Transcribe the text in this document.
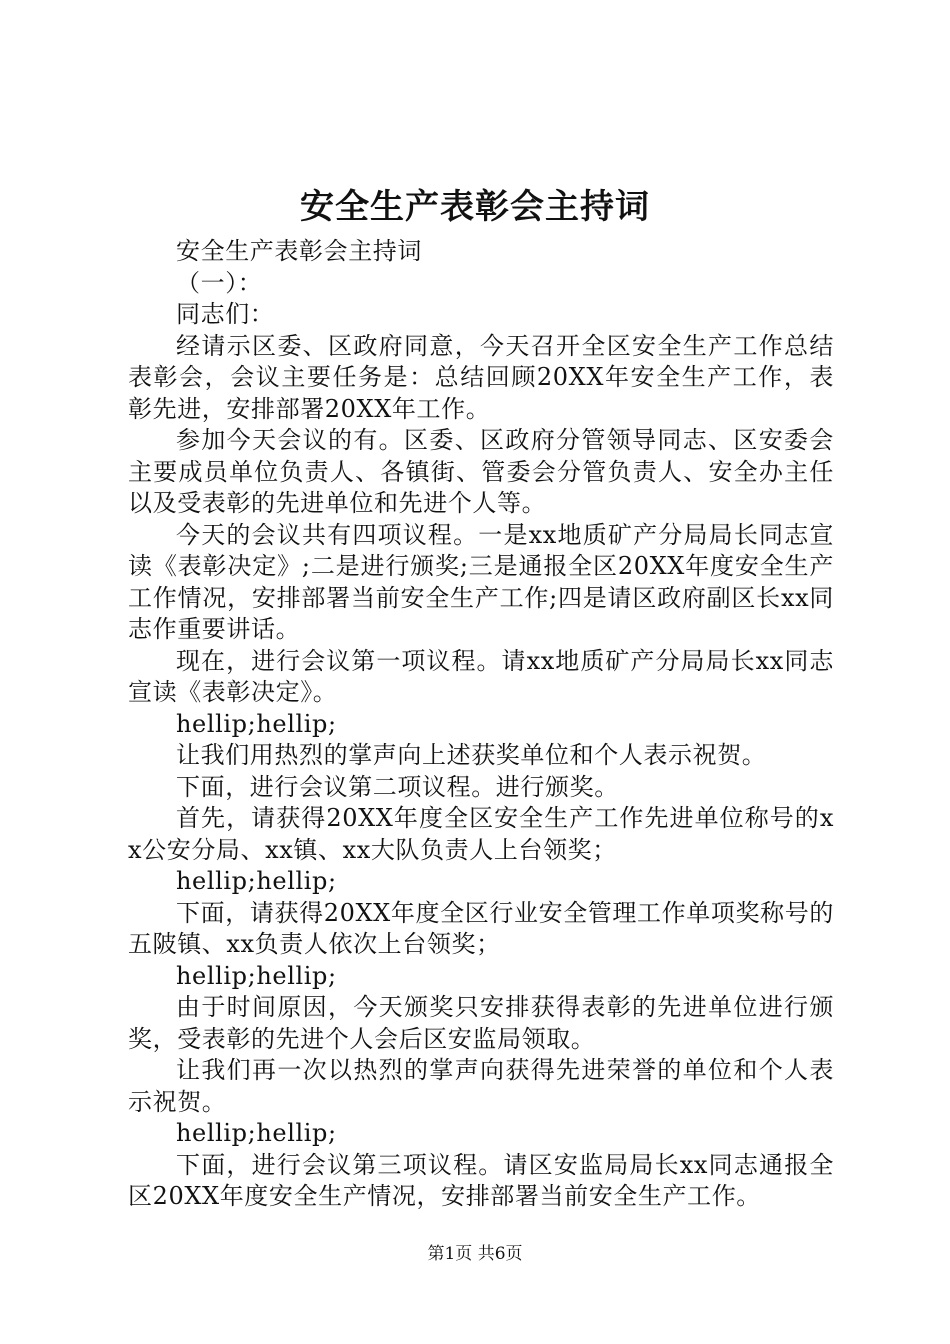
安全生产表彰会主持词

安全生产表彰会主持词

（一）：

同志们：

经请示区委、区政府同意，今天召开全区安全生产工作总结表彰会，会议主要任务是：总结回顾20XX年安全生产工作，表彰先进，安排部署20XX年工作。

参加今天会议的有。区委、区政府分管领导同志、区安委会主要成员单位负责人、各镇街、管委会分管负责人、安全办主任以及受表彰的先进单位和先进个人等。

今天的会议共有四项议程。一是xx地质矿产分局局长同志宣读《表彰决定》;二是进行颁奖;三是通报全区20XX年度安全生产工作情况，安排部署当前安全生产工作;四是请区政府副区长xx同志作重要讲话。

现在，进行会议第一项议程。请xx地质矿产分局局长xx同志宣读《表彰决定》。

hellip;hellip;

让我们用热烈的掌声向上述获奖单位和个人表示祝贺。

下面，进行会议第二项议程。进行颁奖。

首先，请获得20XX年度全区安全生产工作先进单位称号的xx公安分局、xx镇、xx大队负责人上台领奖；

hellip;hellip;

下面，请获得20XX年度全区行业安全管理工作单项奖称号的五陂镇、xx负责人依次上台领奖；

hellip;hellip;

由于时间原因，今天颁奖只安排获得表彰的先进单位进行颁奖，受表彰的先进个人会后区安监局领取。

让我们再一次以热烈的掌声向获得先进荣誉的单位和个人表示祝贺。

hellip;hellip;

下面，进行会议第三项议程。请区安监局局长xx同志通报全区20XX年度安全生产情况，安排部署当前安全生产工作。

第1页 共6页
